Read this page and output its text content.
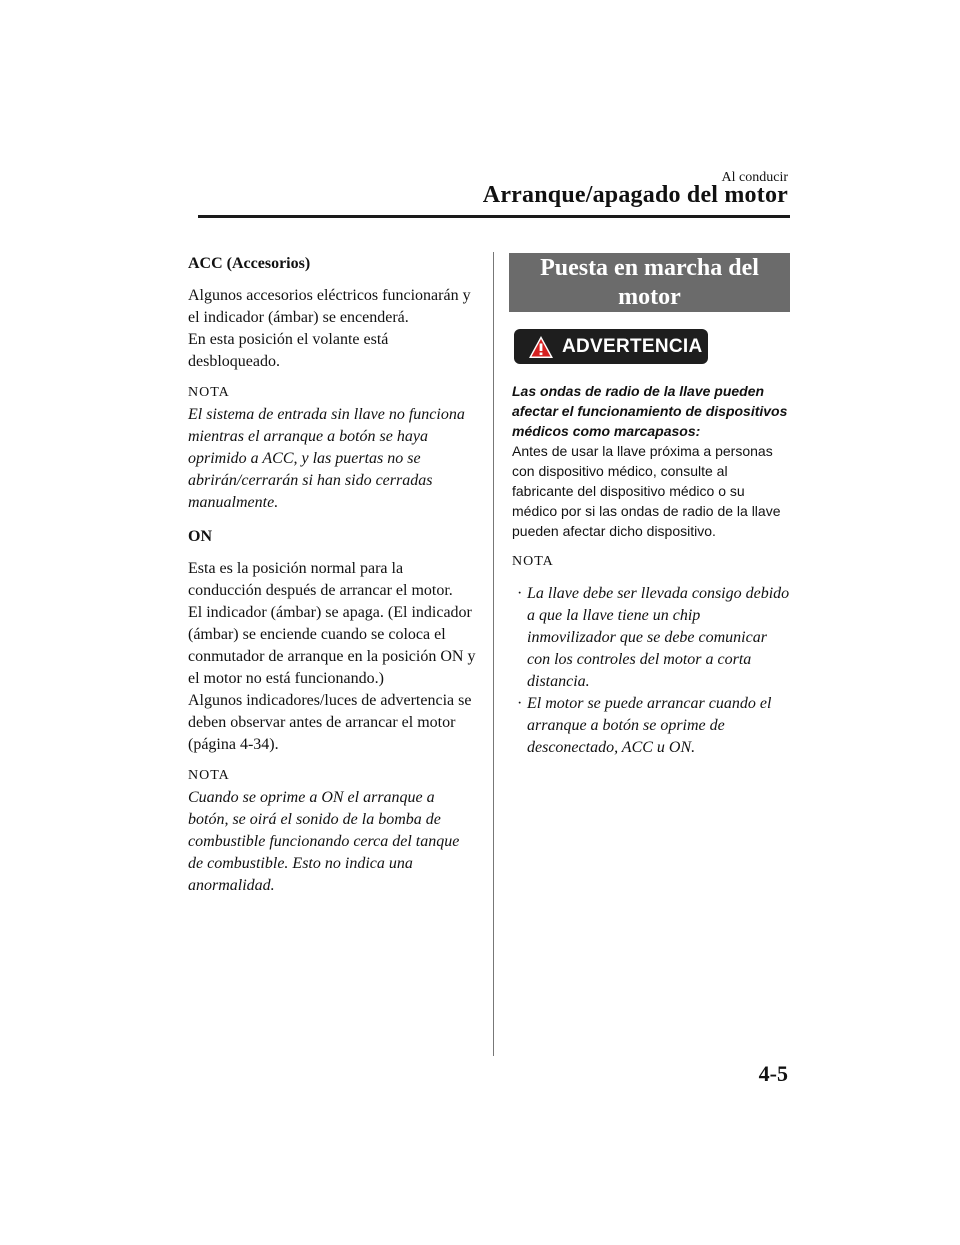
Al conducir
Arranque/apagado del motor
ACC (Accesorios)

Algunos accesorios eléctricos funcionarán y el indicador (ámbar) se encenderá.

En esta posición el volante está desbloqueado.

NOTA
El sistema de entrada sin llave no funciona mientras el arranque a botón se haya oprimido a ACC, y las puertas no se abrirán/cerrarán si han sido cerradas manualmente.
ON

Esta es la posición normal para la conducción después de arrancar el motor.

El indicador (ámbar) se apaga. (El indicador (ámbar) se enciende cuando se coloca el conmutador de arranque en la posición ON y el motor no está funcionando.)

Algunos indicadores/luces de advertencia se deben observar antes de arrancar el motor (página 4-34).

NOTA
Cuando se oprime a ON el arranque a botón, se oirá el sonido de la bomba de combustible funcionando cerca del tanque de combustible. Esto no indica una anormalidad.
Puesta en marcha del motor
ADVERTENCIA
Las ondas de radio de la llave pueden afectar el funcionamiento de dispositivos médicos como marcapasos:
Antes de usar la llave próxima a personas con dispositivo médico, consulte al fabricante del dispositivo médico o su médico por si las ondas de radio de la llave pueden afectar dicho dispositivo.
NOTA
· La llave debe ser llevada consigo debido a que la llave tiene un chip inmovilizador que se debe comunicar con los controles del motor a corta distancia.
· El motor se puede arrancar cuando el arranque a botón se oprime de desconectado, ACC u ON.
4-5
